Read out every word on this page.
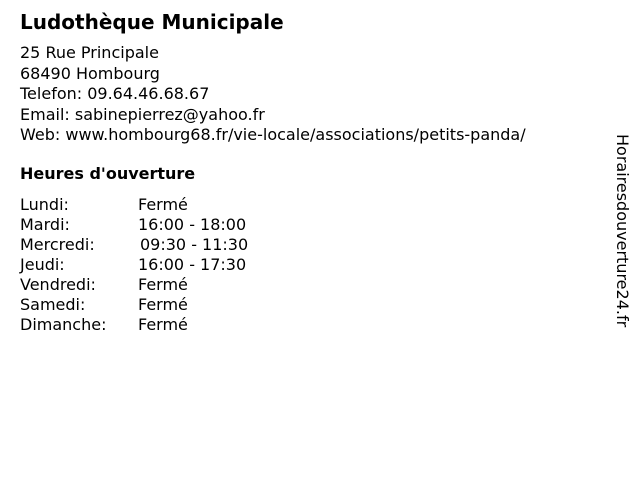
Ludothèque Municipale
25 Rue Principale
68490 Hombourg
Telefon: 09.64.46.68.67
Email: sabinepierrez@yahoo.fr
Web: www.hombourg68.fr/vie-locale/associations/petits-panda/
Heures d'ouverture
Lundi:	Fermé
Mardi:	16:00 - 18:00
Mercredi:	09:30 - 11:30
Jeudi:	16:00 - 17:30
Vendredi:	Fermé
Samedi:	Fermé
Dimanche:	Fermé	Horairesdouverture24.fr
